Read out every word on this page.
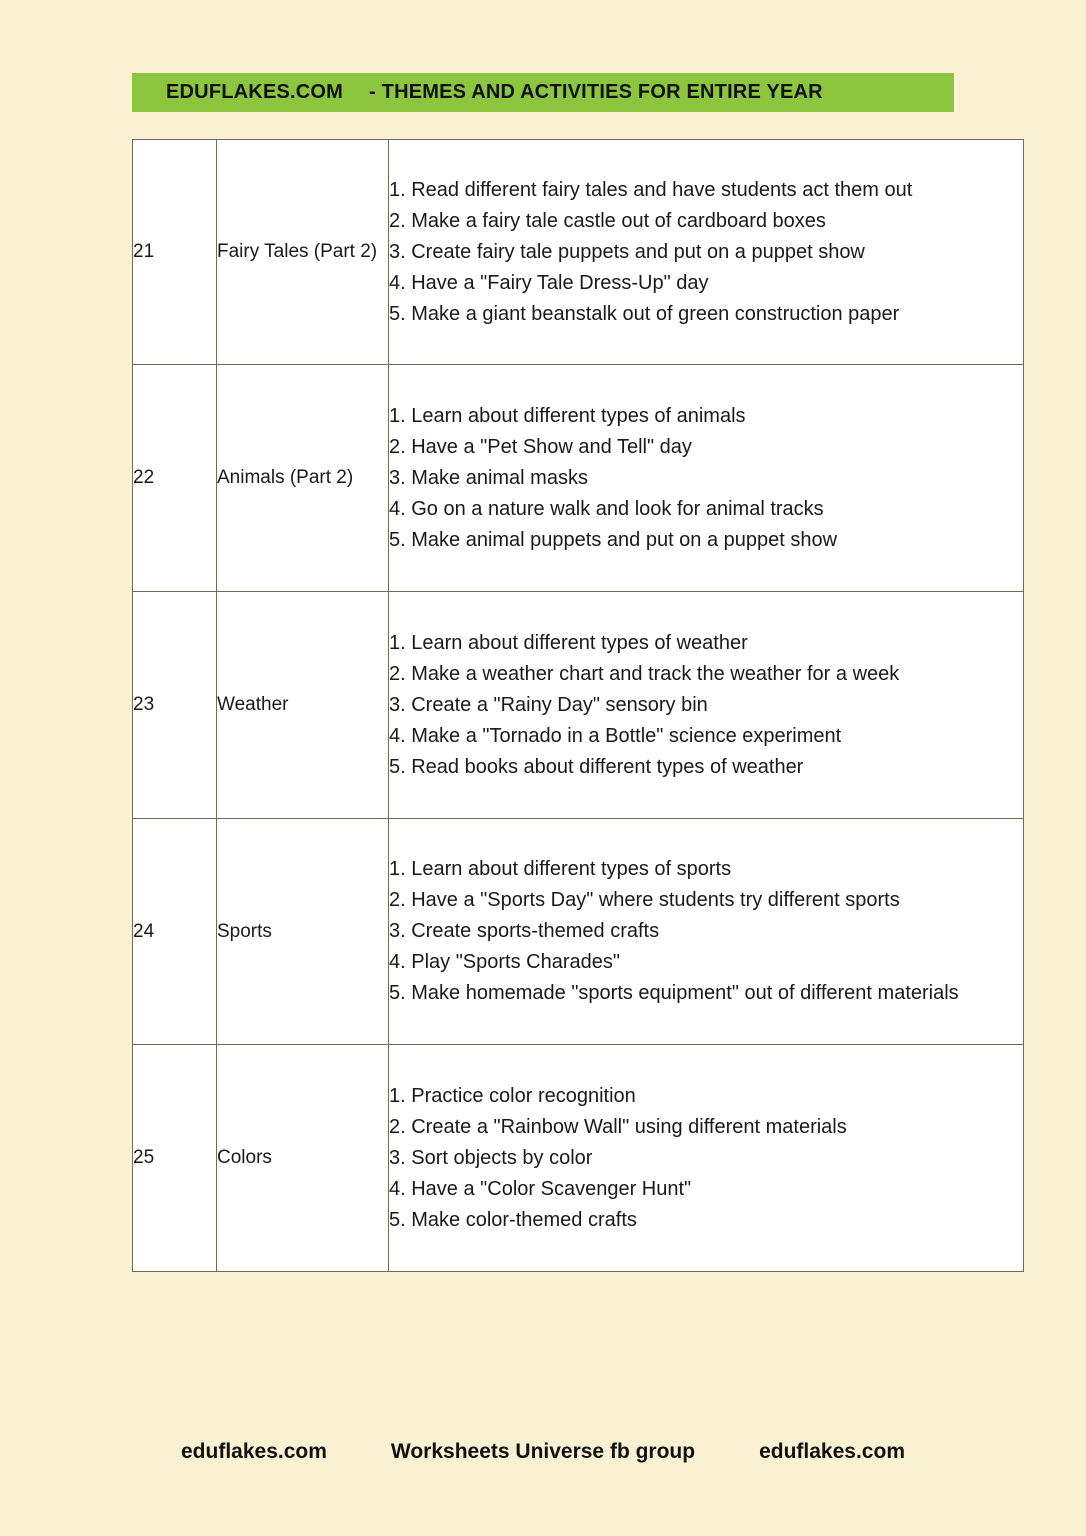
EDUFLAKES.COM - THEMES AND ACTIVITIES FOR ENTIRE YEAR
21	Fairy Tales (Part 2)	1. Read different fairy tales and have students act them out
2. Make a fairy tale castle out of cardboard boxes
3. Create fairy tale puppets and put on a puppet show
4. Have a "Fairy Tale Dress-Up" day
5. Make a giant beanstalk out of green construction paper

22	Animals (Part 2)	1. Learn about different types of animals
2. Have a "Pet Show and Tell" day
3. Make animal masks
4. Go on a nature walk and look for animal tracks
5. Make animal puppets and put on a puppet show

23	Weather	1. Learn about different types of weather
2. Make a weather chart and track the weather for a week
3. Create a "Rainy Day" sensory bin
4. Make a "Tornado in a Bottle" science experiment
5. Read books about different types of weather

24	Sports	1. Learn about different types of sports
2. Have a "Sports Day" where students try different sports
3. Create sports-themed crafts
4. Play "Sports Charades"
5. Make homemade "sports equipment" out of different materials

25	Colors	1. Practice color recognition
2. Create a "Rainbow Wall" using different materials
3. Sort objects by color
4. Have a "Color Scavenger Hunt"
5. Make color-themed crafts
eduflakes.com	Worksheets Universe fb group	eduflakes.com
